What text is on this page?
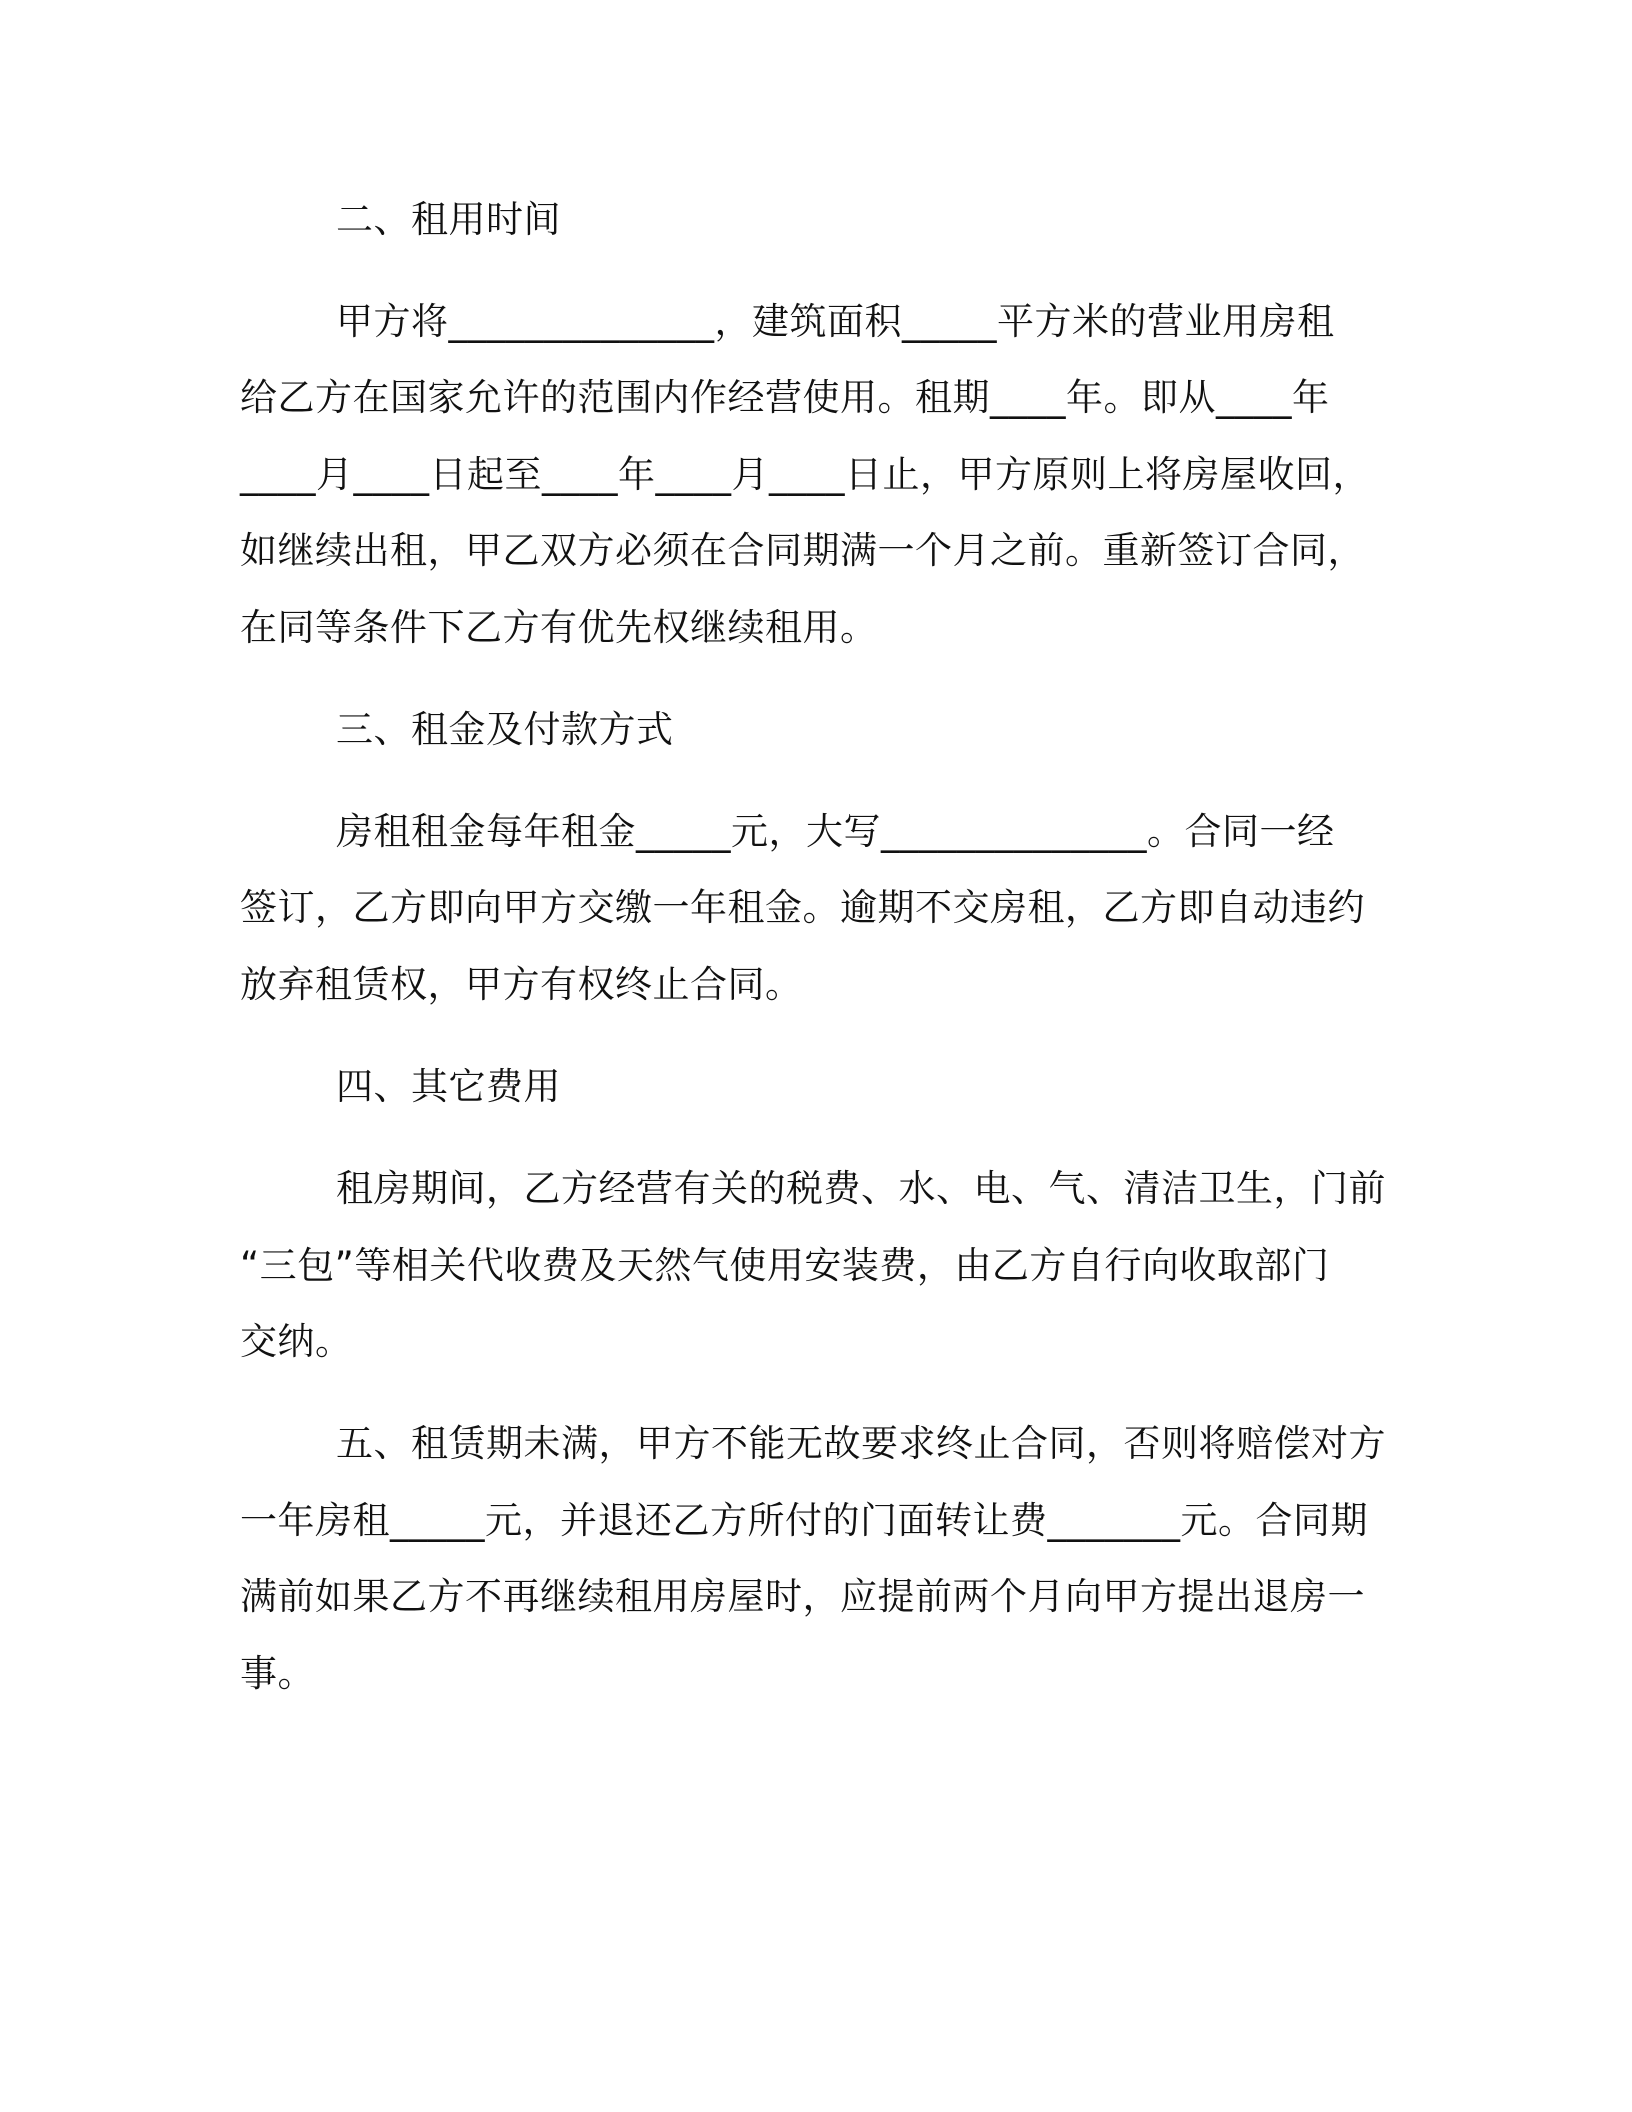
二、租用时间
甲方将______________，建筑面积_____平方米的营业用房租
给乙方在国家允许的范围内作经营使用。租期____年。即从____年
____月____日起至____年____月____日止，甲方原则上将房屋收回，
如继续出租，甲乙双方必须在合同期满一个月之前。重新签订合同，
在同等条件下乙方有优先权继续租用。
三、租金及付款方式
房租租金每年租金_____元，大写______________。合同一经
签订，乙方即向甲方交缴一年租金。逾期不交房租，乙方即自动违约
放弃租赁权，甲方有权终止合同。
四、其它费用
租房期间，乙方经营有关的税费、水、电、气、清洁卫生，门前
“三包”等相关代收费及天然气使用安装费，由乙方自行向收取部门
交纳。
五、租赁期未满，甲方不能无故要求终止合同，否则将赔偿对方
一年房租_____元，并退还乙方所付的门面转让费_______元。合同期
满前如果乙方不再继续租用房屋时，应提前两个月向甲方提出退房一
事。
